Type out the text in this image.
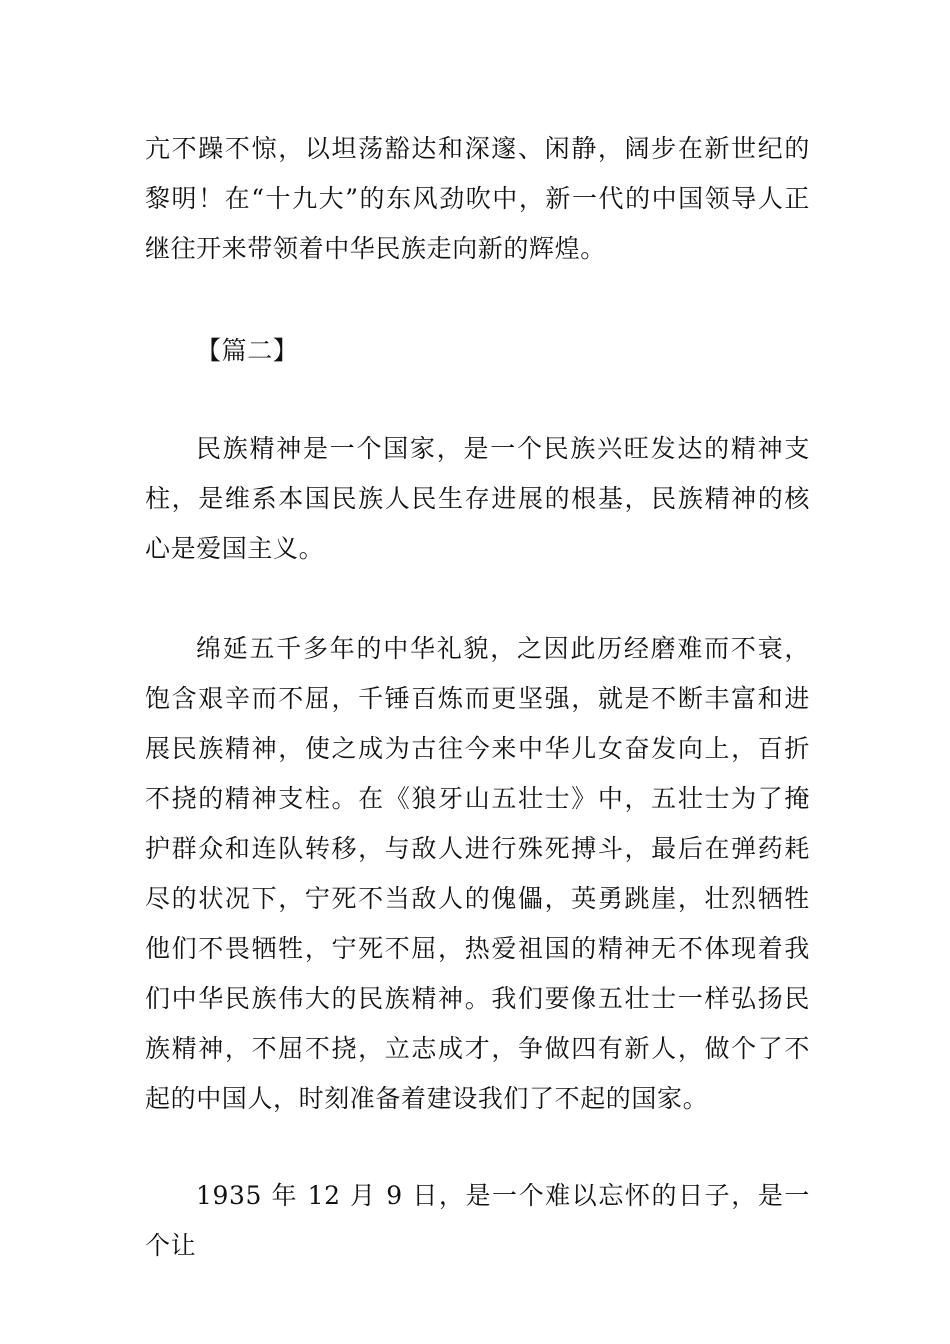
亢不躁不惊，以坦荡豁达和深邃、闲静，阔步在新世纪的黎明！在“十九大”的东风劲吹中，新一代的中国领导人正继往开来带领着中华民族走向新的辉煌。

【篇二】

民族精神是一个国家，是一个民族兴旺发达的精神支柱，是维系本国民族人民生存进展的根基，民族精神的核心是爱国主义。

绵延五千多年的中华礼貌，之因此历经磨难而不衰，饱含艰辛而不屈，千锤百炼而更坚强，就是不断丰富和进展民族精神，使之成为古往今来中华儿女奋发向上，百折不挠的精神支柱。在《狼牙山五壮士》中，五壮士为了掩护群众和连队转移，与敌人进行殊死搏斗，最后在弹药耗尽的状况下，宁死不当敌人的傀儡，英勇跳崖，壮烈牺牲他们不畏牺牲，宁死不屈，热爱祖国的精神无不体现着我们中华民族伟大的民族精神。我们要像五壮士一样弘扬民族精神，不屈不挠，立志成才，争做四有新人，做个了不起的中国人，时刻准备着建设我们了不起的国家。

1935 年 12 月 9 日，是一个难以忘怀的日子，是一个让
